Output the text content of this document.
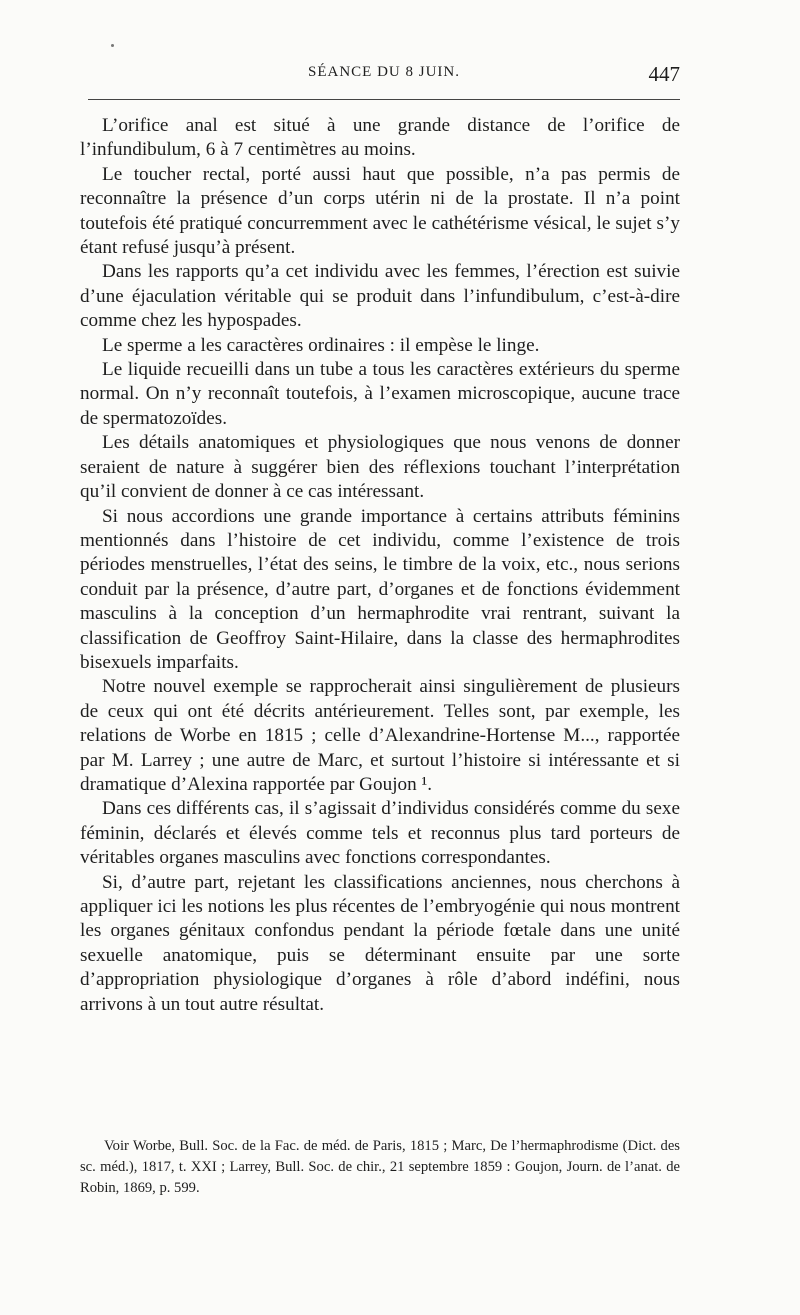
SÉANCE DU 8 JUIN.	447

L’orifice anal est situé à une grande distance de l’orifice de l’infundibulum, 6 à 7 centimètres au moins.

Le toucher rectal, porté aussi haut que possible, n’a pas permis de reconnaître la présence d’un corps utérin ni de la prostate. Il n’a point toutefois été pratiqué concurremment avec le cathétérisme vésical, le sujet s’y étant refusé jusqu’à présent.

Dans les rapports qu’a cet individu avec les femmes, l’érection est suivie d’une éjaculation véritable qui se produit dans l’infundibulum, c’est-à-dire comme chez les hypospades.

Le sperme a les caractères ordinaires : il empèse le linge.

Le liquide recueilli dans un tube a tous les caractères extérieurs du sperme normal. On n’y reconnaît toutefois, à l’examen microscopique, aucune trace de spermatozoïdes.

Les détails anatomiques et physiologiques que nous venons de donner seraient de nature à suggérer bien des réflexions touchant l’interprétation qu’il convient de donner à ce cas intéressant.

Si nous accordions une grande importance à certains attributs féminins mentionnés dans l’histoire de cet individu, comme l’existence de trois périodes menstruelles, l’état des seins, le timbre de la voix, etc., nous serions conduit par la présence, d’autre part, d’organes et de fonctions évidemment masculins à la conception d’un hermaphrodite vrai rentrant, suivant la classification de Geoffroy Saint-Hilaire, dans la classe des hermaphrodites bisexuels imparfaits.

Notre nouvel exemple se rapprocherait ainsi singulièrement de plusieurs de ceux qui ont été décrits antérieurement. Telles sont, par exemple, les relations de Worbe en 1815 ; celle d’Alexandrine-Hortense M..., rapportée par M. Larrey ; une autre de Marc, et surtout l’histoire si intéressante et si dramatique d’Alexina rapportée par Goujon ¹.

Dans ces différents cas, il s’agissait d’individus considérés comme du sexe féminin, déclarés et élevés comme tels et reconnus plus tard porteurs de véritables organes masculins avec fonctions correspondantes.

Si, d’autre part, rejetant les classifications anciennes, nous cherchons à appliquer ici les notions les plus récentes de l’embryogénie qui nous montrent les organes génitaux confondus pendant la période fœtale dans une unité sexuelle anatomique, puis se déterminant ensuite par une sorte d’appropriation physiologique d’organes à rôle d’abord indéfini, nous arrivons à un tout autre résultat.

Voir Worbe, Bull. Soc. de la Fac. de méd. de Paris, 1815 ; Marc, De l’hermaphrodisme (Dict. des sc. méd.), 1817, t. XXI ; Larrey, Bull. Soc. de chir., 21 septembre 1859 : Goujon, Journ. de l’anat. de Robin, 1869, p. 599.
